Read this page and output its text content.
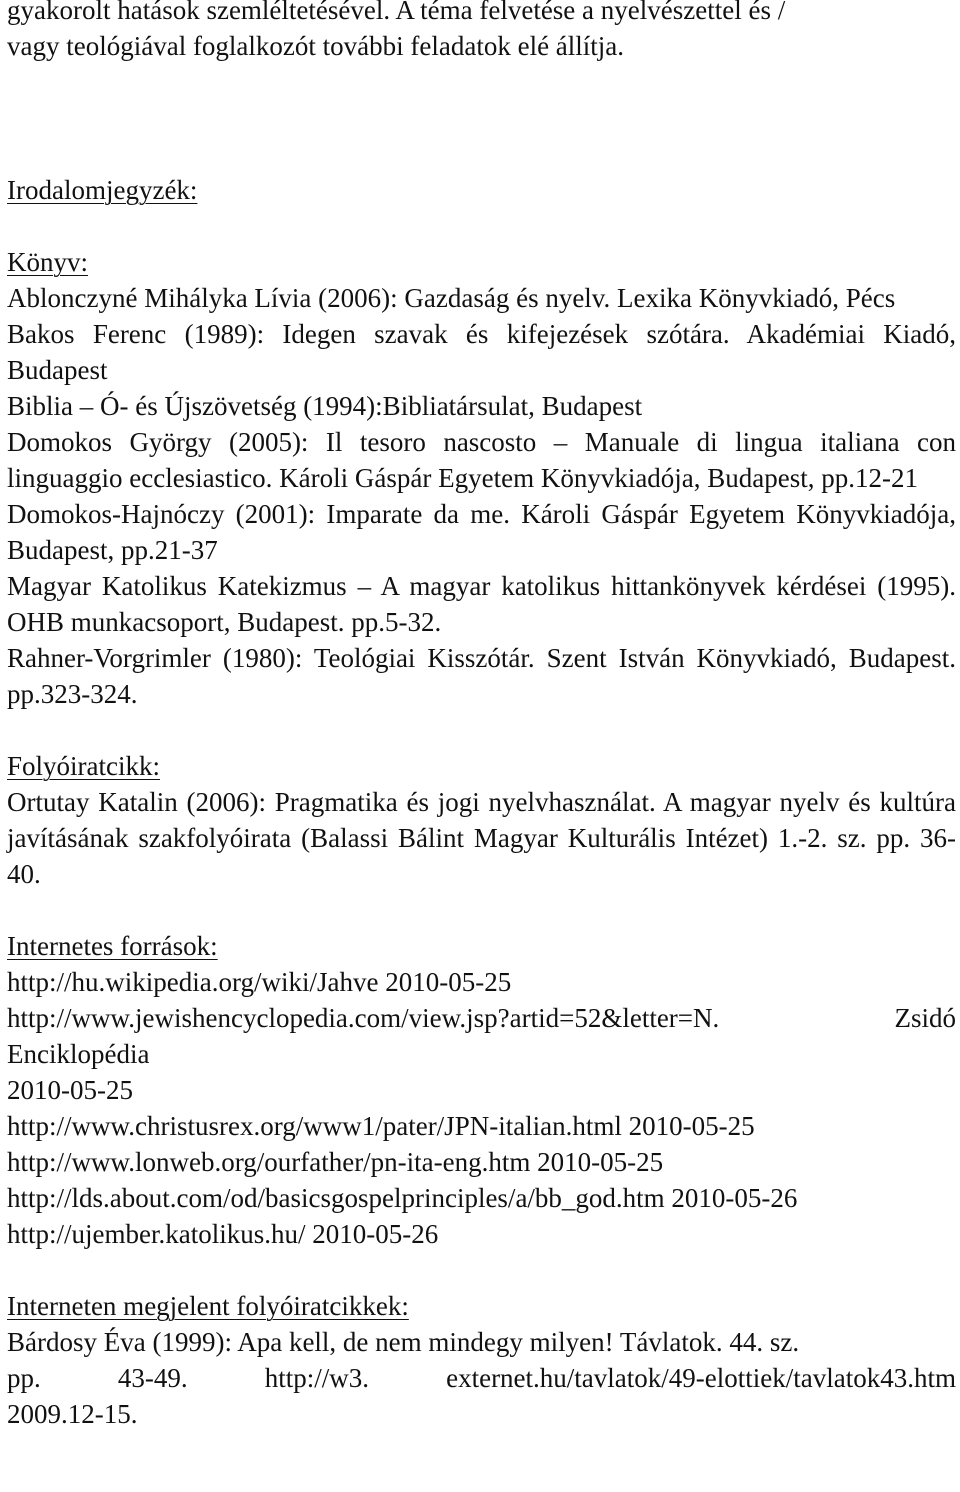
gyakorolt hatások szemléltetésével. A téma felvetése a nyelvészettel és /

vagy teológiával foglalkozót további feladatok elé állítja.

Irodalomjegyzék:

Könyv:

Ablonczyné Mihályka Lívia (2006): Gazdaság és nyelv. Lexika Könyvkiadó, Pécs

Bakos Ferenc (1989): Idegen szavak és kifejezések szótára. Akadémiai Kiadó, Budapest

Biblia – Ó- és Újszövetség (1994):Bibliatársulat, Budapest

Domokos György (2005): Il tesoro nascosto – Manuale di lingua italiana con linguaggio ecclesiastico. Károli Gáspár Egyetem Könyvkiadója, Budapest, pp.12-21

Domokos-Hajnóczy (2001): Imparate da me. Károli Gáspár Egyetem Könyvkiadója, Budapest, pp.21-37

Magyar Katolikus Katekizmus – A magyar katolikus hittankönyvek kérdései (1995). OHB munkacsoport, Budapest. pp.5-32.

Rahner-Vorgrimler (1980): Teológiai Kisszótár. Szent István Könyvkiadó, Budapest. pp.323-324.

Folyóiratcikk:

Ortutay Katalin (2006): Pragmatika és jogi nyelvhasználat. A magyar nyelv és kultúra javításának szakfolyóirata (Balassi Bálint Magyar Kulturális Intézet) 1.-2. sz. pp. 36-40.

Internetes források:

http://hu.wikipedia.org/wiki/Jahve 2010-05-25

http://www.jewishencyclopedia.com/view.jsp?artid=52&letter=N.	Zsidó

Enciklopédia

2010-05-25

http://www.christusrex.org/www1/pater/JPN-italian.html 2010-05-25

http://www.lonweb.org/ourfather/pn-ita-eng.htm 2010-05-25

http://lds.about.com/od/basicsgospelprinciples/a/bb_god.htm 2010-05-26

http://ujember.katolikus.hu/ 2010-05-26

Interneten megjelent folyóiratcikkek:

Bárdosy Éva (1999): Apa kell, de nem mindegy milyen! Távlatok. 44. sz.

pp.	43-49.	http://w3.	externet.hu/tavlatok/49-elottiek/tavlatok43.htm

2009.12-15.
